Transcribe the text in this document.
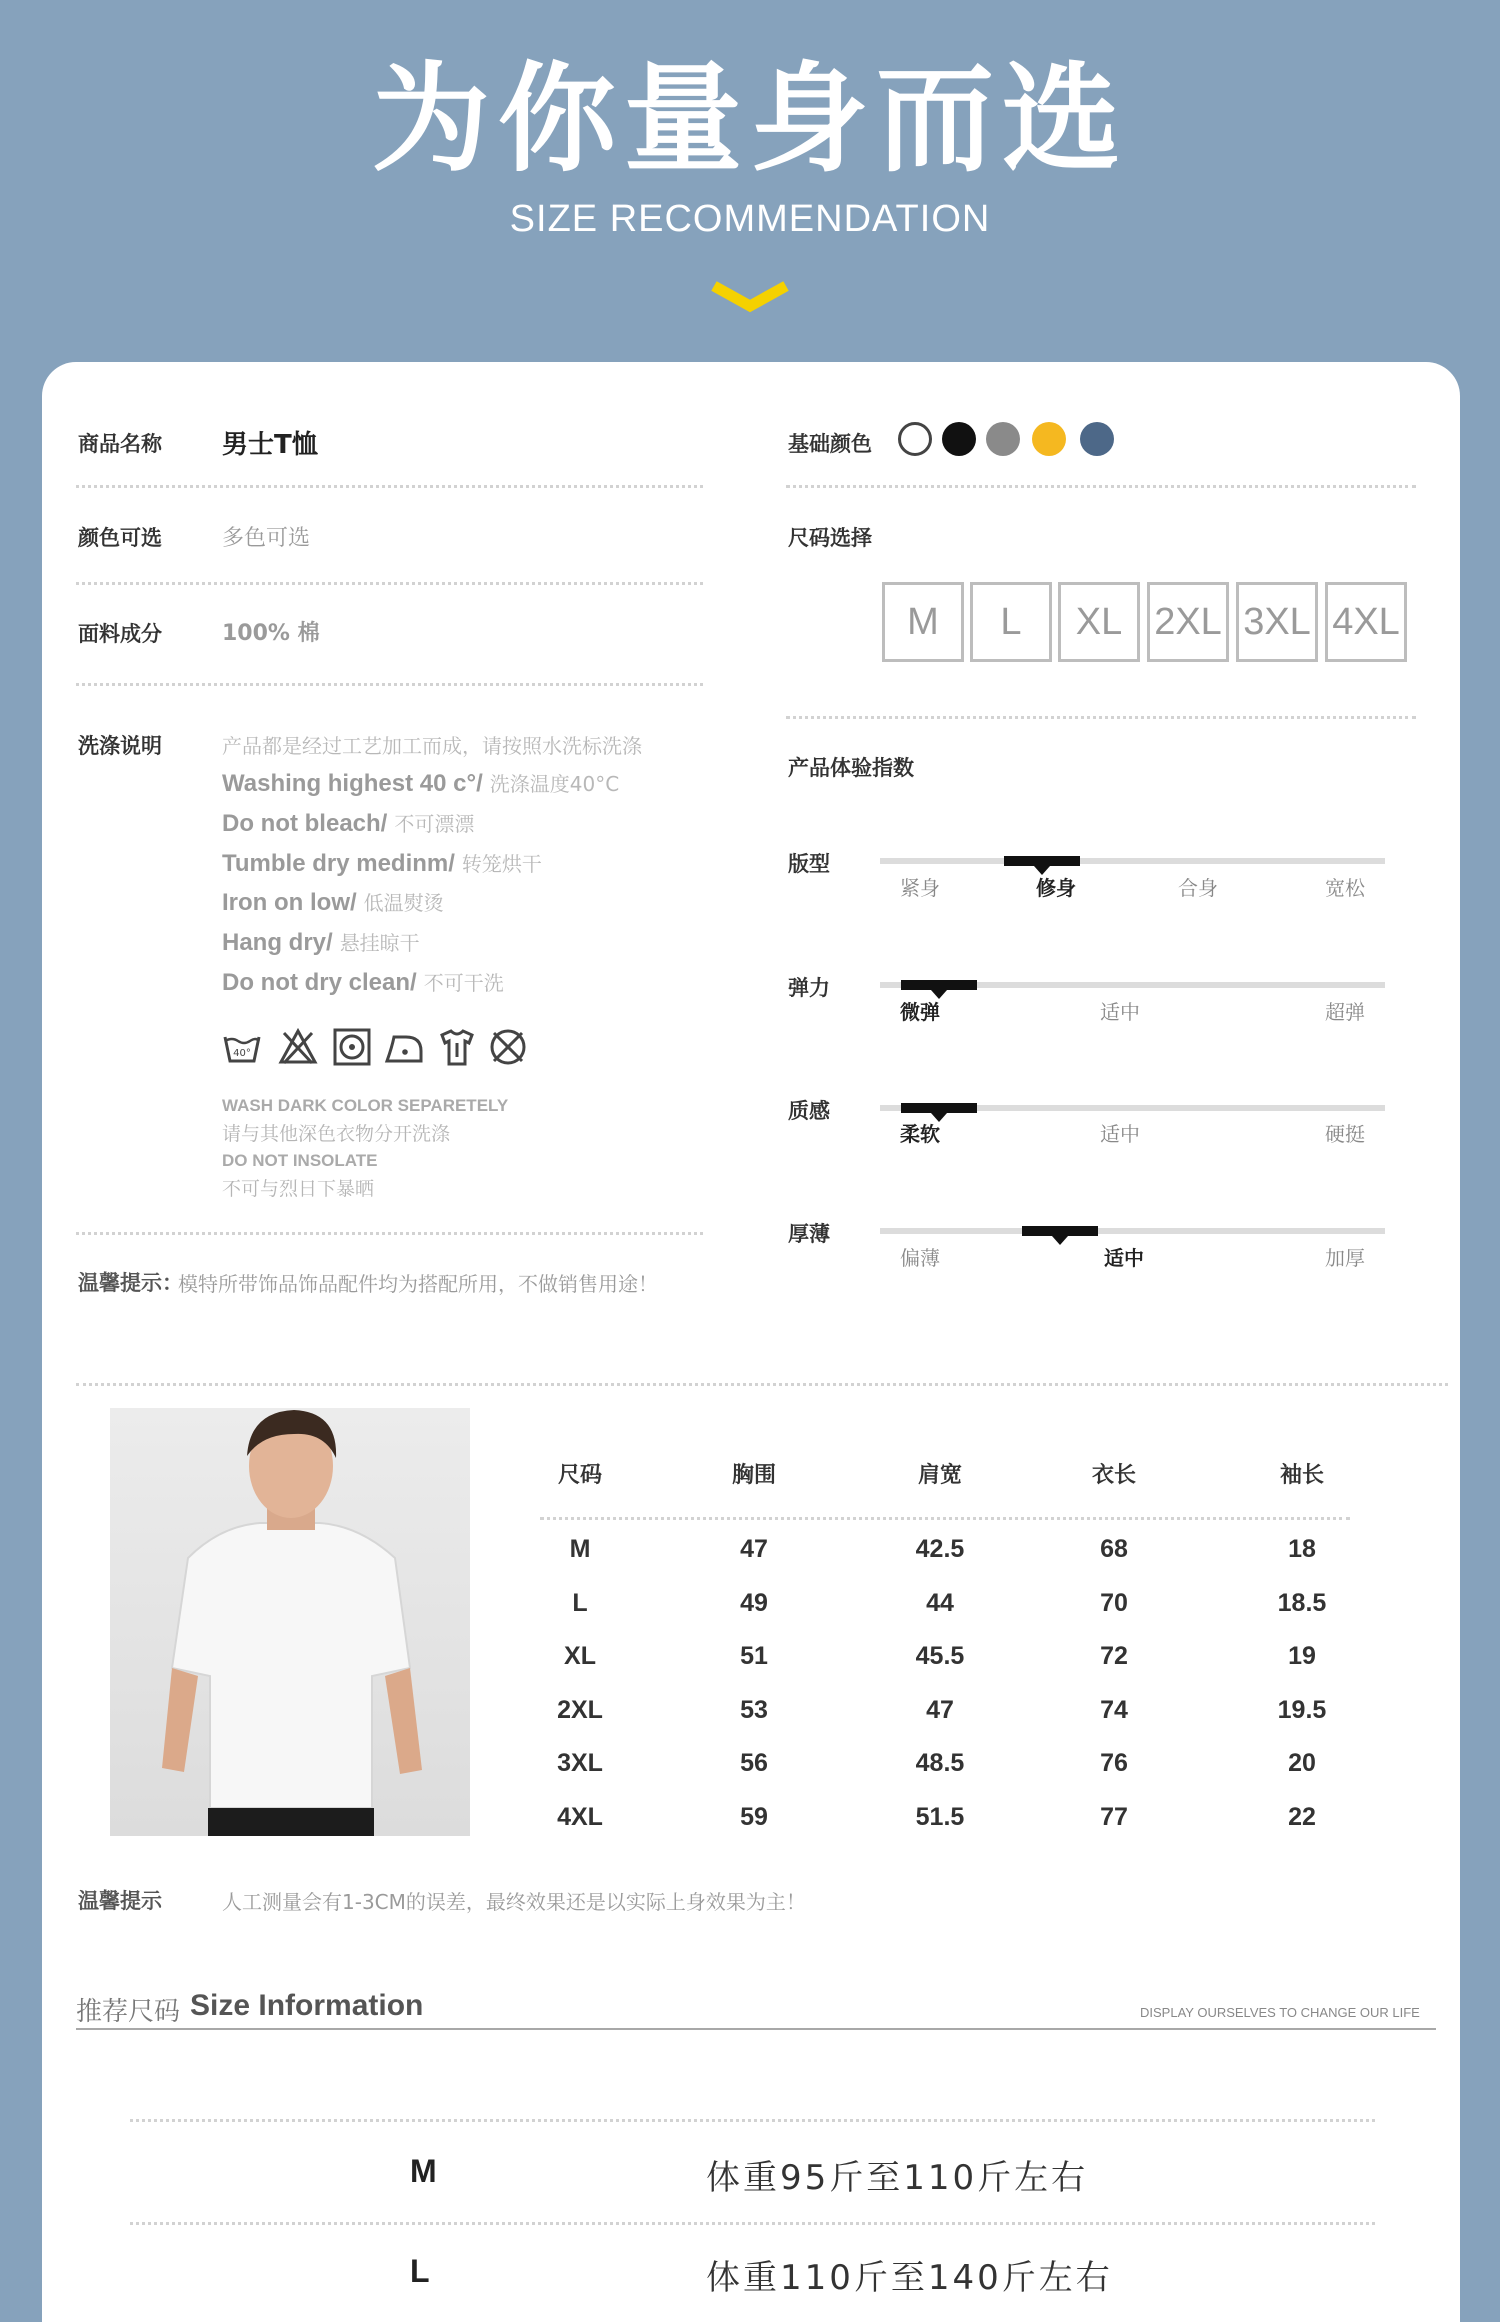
为你量身而选
SIZE RECOMMENDATION
商品名称 男士T恤
颜色可选	多色可选
面料成分	100% 棉
洗涤说明	产品都是经过工艺加工而成，请按照水洗标洗涤
Washing highest 40 c°/ 洗涤温度40°C
Do not bleach/ 不可漂漂
Tumble dry medinm/ 转笼烘干
Iron on low/ 低温熨烫
Hang dry/ 悬挂晾干
Do not dry clean/ 不可干洗
40°
WASH DARK COLOR SEPARETELY
请与其他深色衣物分开洗涤
DO NOT INSOLATE
不可与烈日下暴晒
温馨提示：
模特所带饰品饰品配件均为搭配所用，不做销售用途！
基础颜色
尺码选择
M	L	XL 2XL 3XL 4XL
产品体验指数
版型
紧身	修身	合身	宽松
弹力
微弹	适中	超弹
质感
柔软	适中	硬挺
厚薄
偏薄	适中	加厚
尺码	胸围	肩宽	衣长	袖长
M	47	42.5	68	18
L	49	44	70	18.5
XL	51	45.5	72	19
2XL	53	47	74	19.5
3XL	56	48.5	76	20
4XL	59	51.5	77	22
温馨提示	人工测量会有1-3CM的误差，最终效果还是以实际上身效果为主！
推荐尺码 Size Information	DISPLAY OURSELVES TO CHANGE OUR LIFE
M	体重95斤至110斤左右
L	体重110斤至140斤左右
